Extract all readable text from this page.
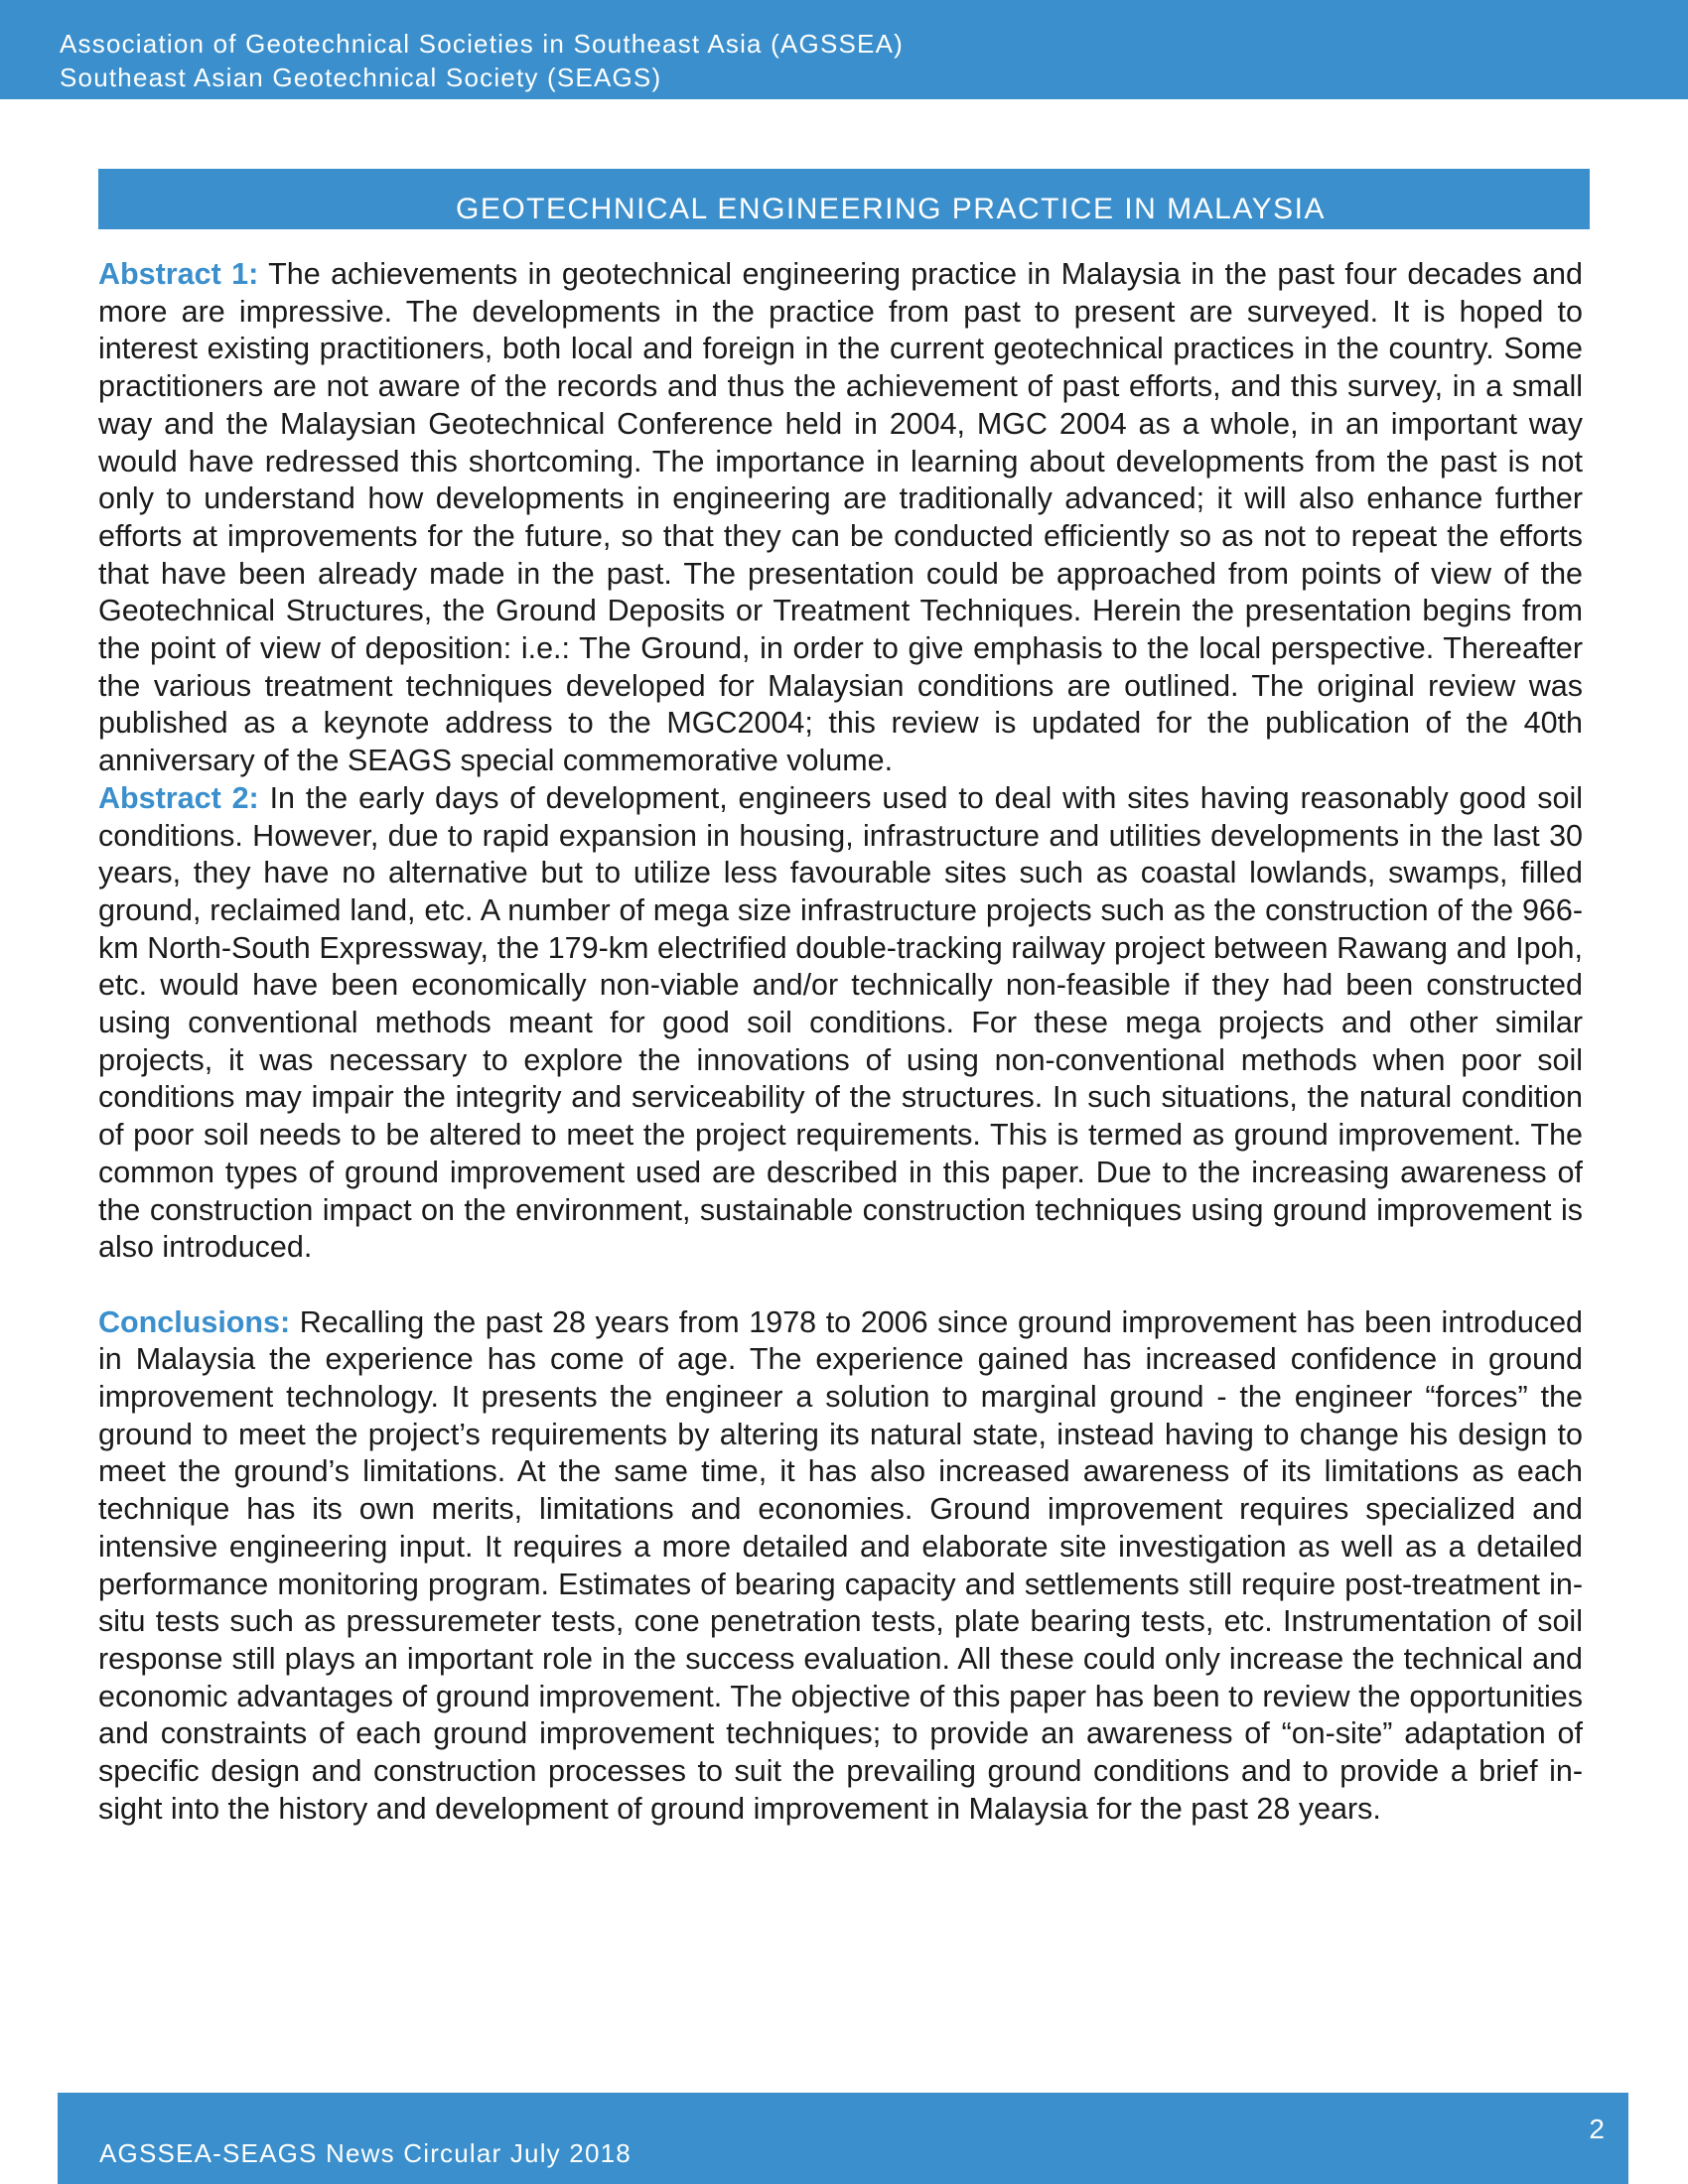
Association of Geotechnical Societies in Southeast Asia (AGSSEA)
Southeast Asian Geotechnical Society (SEAGS)
GEOTECHNICAL ENGINEERING PRACTICE IN MALAYSIA

Abstract 1: The achievements in geotechnical engineering practice in Malaysia in the past four decades and more are impressive. The developments in the practice from past to present are surveyed. It is hoped to interest existing practitioners, both local and foreign in the current geotechnical practices in the country. Some practitioners are not aware of the records and thus the achievement of past efforts, and this survey, in a small way and the Malaysian Geotechnical Conference held in 2004, MGC 2004 as a whole, in an important way would have redressed this shortcoming. The importance in learning about developments from the past is not only to understand how developments in engineering are traditionally advanced; it will also enhance further efforts at improvements for the future, so that they can be conducted efficiently so as not to repeat the efforts that have been already made in the past. The presentation could be approached from points of view of the Geotechnical Structures, the Ground Deposits or Treatment Techniques. Herein the presentation begins from the point of view of deposition: i.e.: The Ground, in order to give emphasis to the local perspective. Thereafter the various treatment techniques developed for Malaysian conditions are outlined. The original review was published as a keynote address to the MGC2004; this review is updated for the publication of the 40th anniversary of the SEAGS special commemorative volume.

Abstract 2: In the early days of development, engineers used to deal with sites having reasonably good soil conditions. However, due to rapid expansion in housing, infrastructure and utilities developments in the last 30 years, they have no alternative but to utilize less favourable sites such as coastal lowlands, swamps, filled ground, reclaimed land, etc. A number of mega size infrastructure projects such as the construction of the 966-km North-South Expressway, the 179-km electrified double-tracking railway project between Rawang and Ipoh, etc. would have been economically non-viable and/or technically non-feasible if they had been constructed using conventional methods meant for good soil conditions. For these mega projects and other similar projects, it was necessary to explore the innovations of using non-conventional methods when poor soil conditions may impair the integrity and serviceability of the structures. In such situations, the natural condition of poor soil needs to be altered to meet the project requirements. This is termed as ground improvement. The common types of ground improvement used are described in this paper. Due to the increasing awareness of the construction impact on the environment, sustainable construction techniques using ground improvement is also introduced.

Conclusions: Recalling the past 28 years from 1978 to 2006 since ground improvement has been introduced in Malaysia the experience has come of age. The experience gained has increased confidence in ground improvement technology. It presents the engineer a solution to marginal ground - the engineer “forces” the ground to meet the project’s requirements by altering its natural state, instead having to change his design to meet the ground’s limitations. At the same time, it has also increased awareness of its limitations as each technique has its own merits, limitations and economies. Ground improvement requires specialized and intensive engineering input. It requires a more detailed and elaborate site investigation as well as a detailed performance monitoring program. Estimates of bearing capacity and settlements still require post-treatment in- situ tests such as pressuremeter tests, cone penetration tests, plate bearing tests, etc. Instrumentation of soil response still plays an important role in the success evaluation. All these could only increase the technical and economic advantages of ground improvement. The objective of this paper has been to review the opportunities and constraints of each ground improvement techniques; to provide an awareness of “on-site” adaptation of specific design and construction processes to suit the prevailing ground conditions and to provide a brief in-sight into the history and development of ground improvement in Malaysia for the past 28 years.

AGSSEA-SEAGS News Circular July 2018
2
